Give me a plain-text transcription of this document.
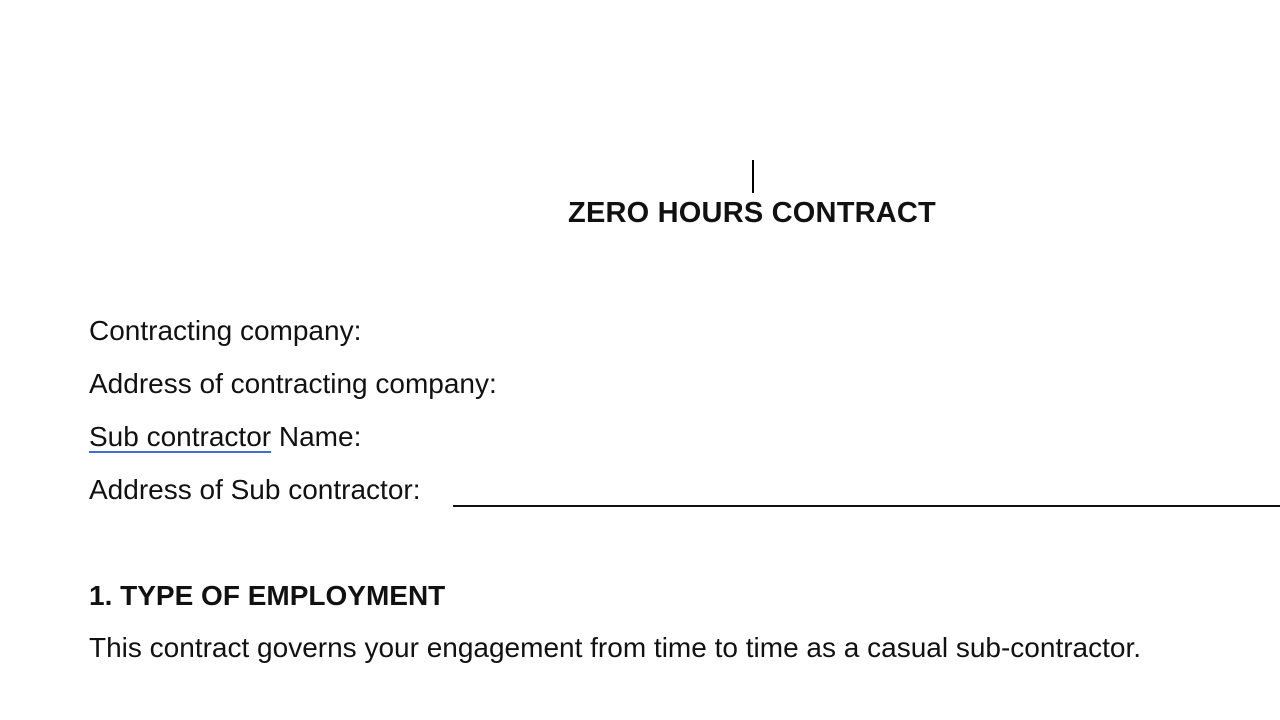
ZERO HOURS CONTRACT
Contracting company:
Address of contracting company:
Sub contractor Name:
Address of Sub contractor:
1. TYPE OF EMPLOYMENT
This contract governs your engagement from time to time as a casual sub-contractor.
